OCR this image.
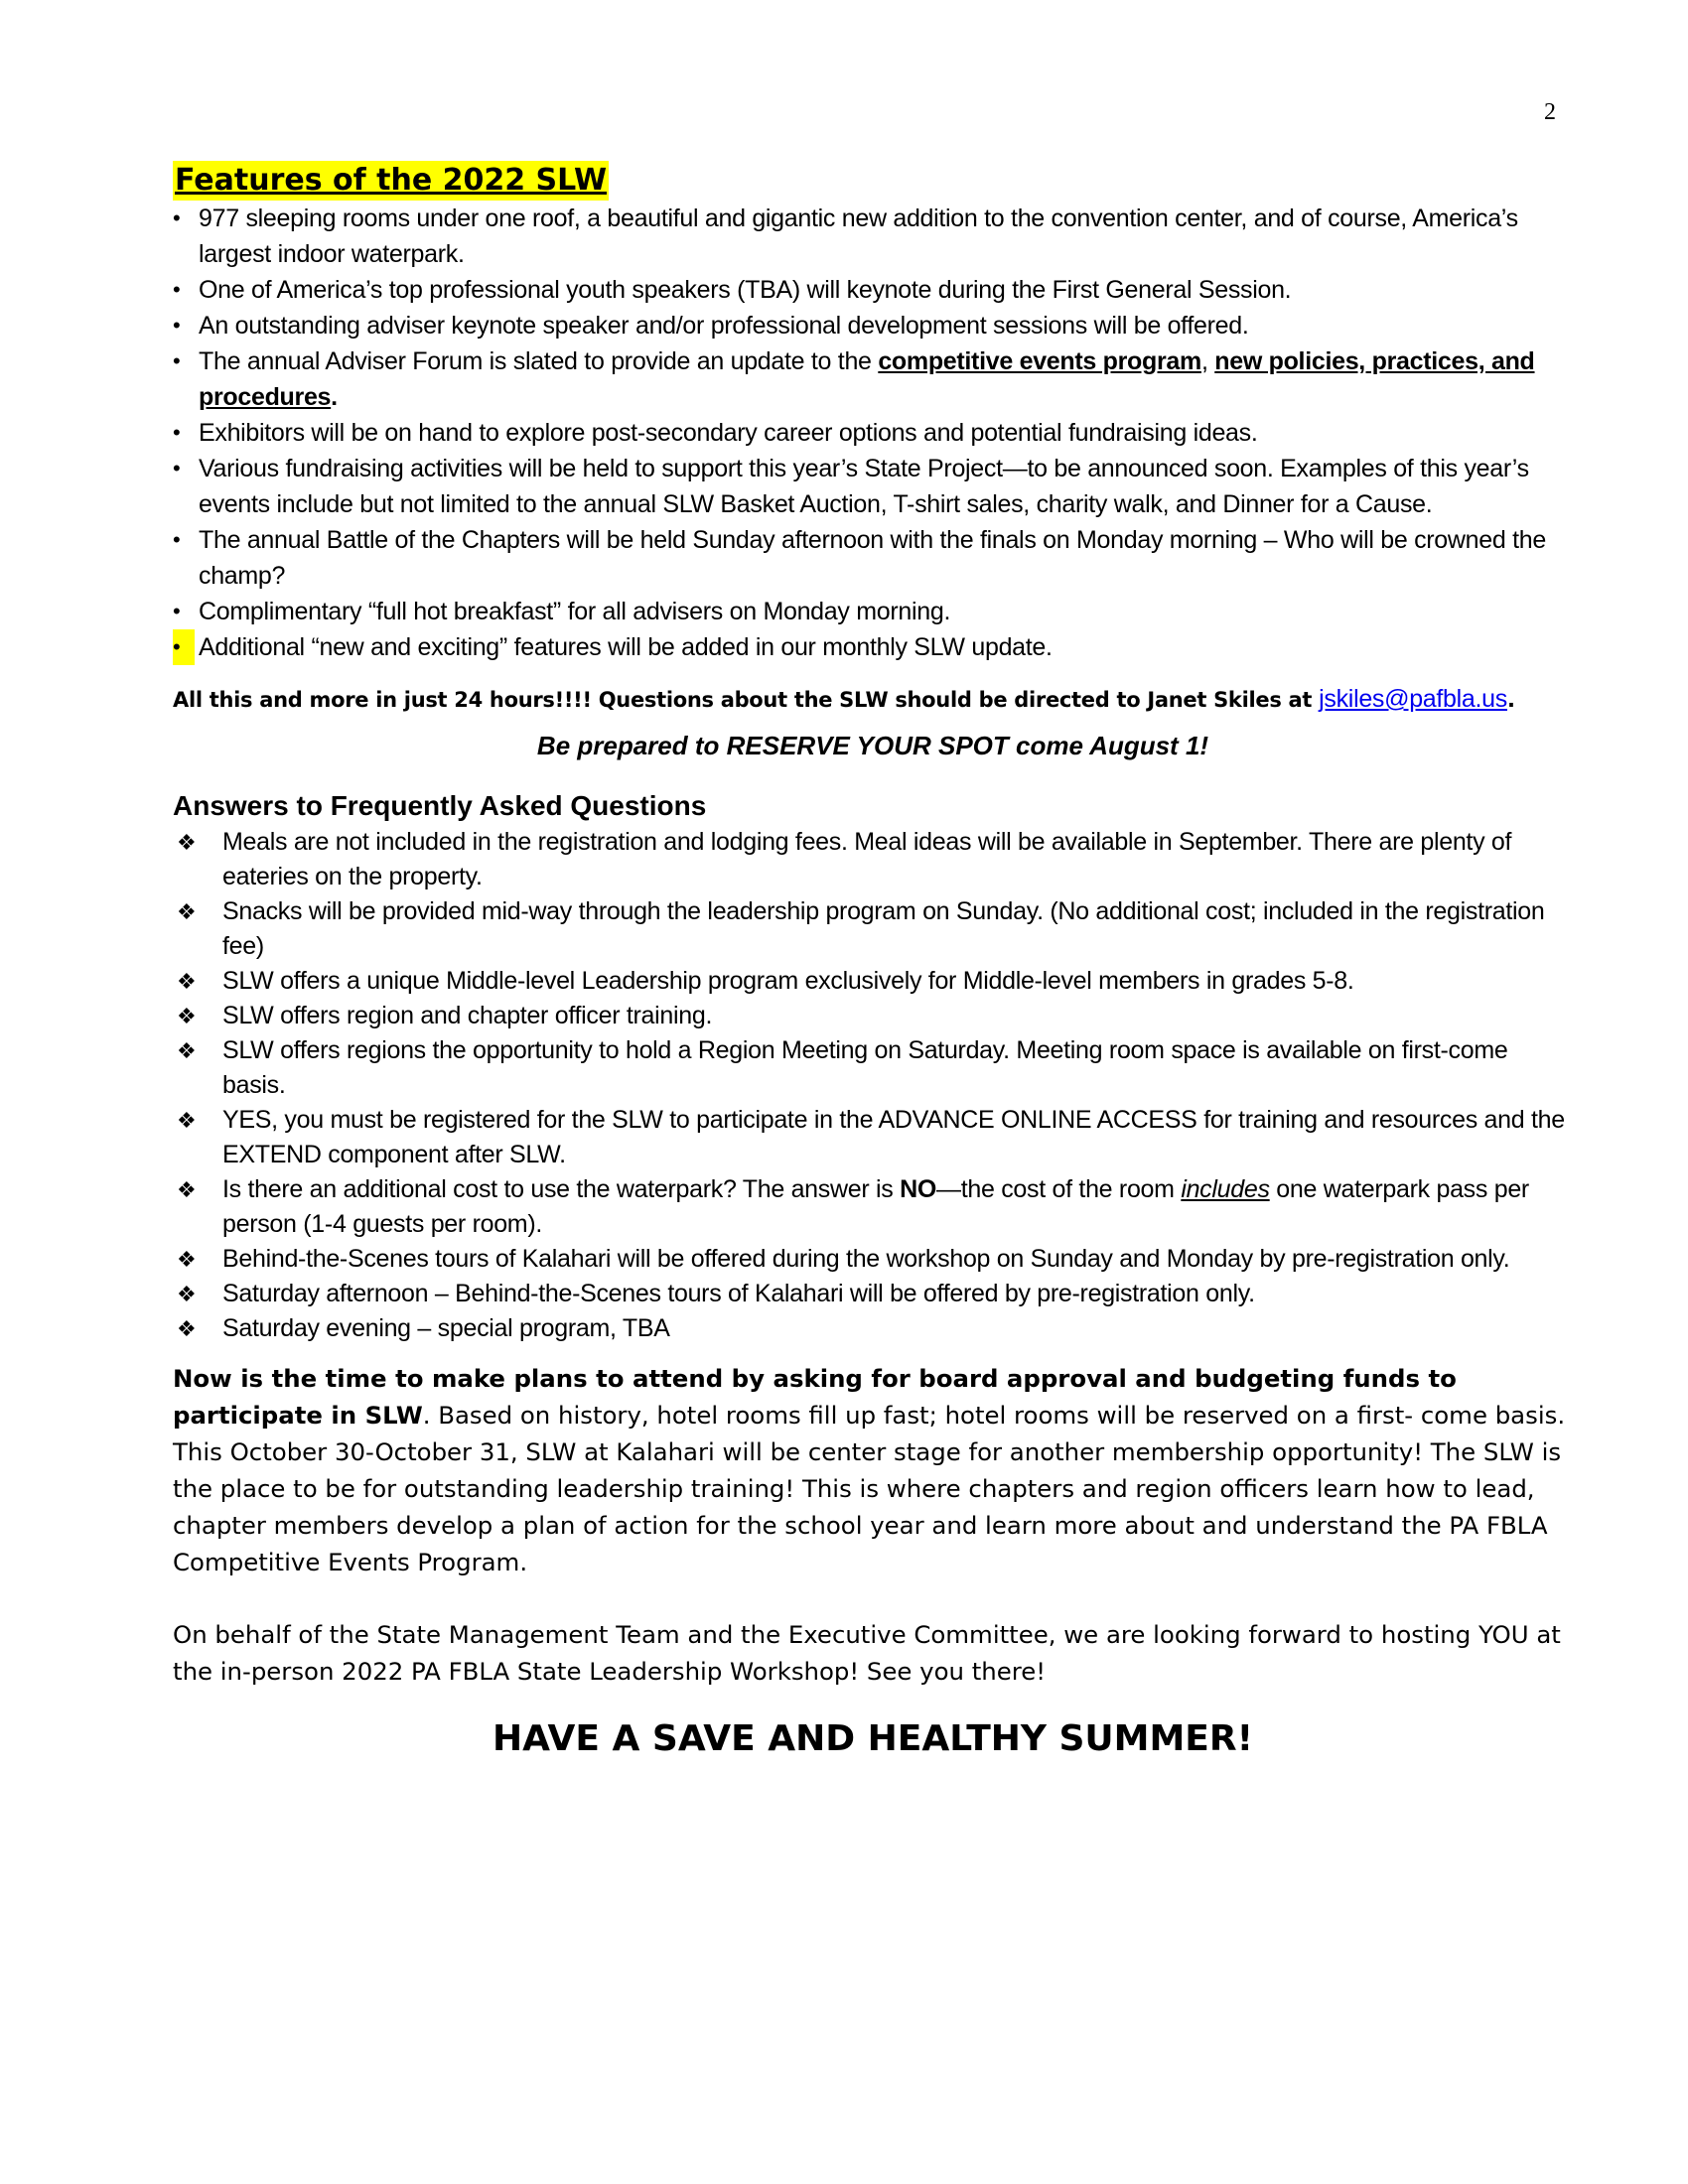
2
Features of the 2022 SLW
• 977 sleeping rooms under one roof, a beautiful and gigantic new addition to the convention center, and of course, America’s largest indoor waterpark.
• One of America’s top professional youth speakers (TBA) will keynote during the First General Session.
• An outstanding adviser keynote speaker and/or professional development sessions will be offered.
• The annual Adviser Forum is slated to provide an update to the competitive events program, new policies, practices, and procedures.
• Exhibitors will be on hand to explore post-secondary career options and potential fundraising ideas.
• Various fundraising activities will be held to support this year’s State Project—to be announced soon. Examples of this year’s events include but not limited to the annual SLW Basket Auction, T-shirt sales, charity walk, and Dinner for a Cause.
• The annual Battle of the Chapters will be held Sunday afternoon with the finals on Monday morning – Who will be crowned the champ?
• Complimentary “full hot breakfast” for all advisers on Monday morning.
• Additional “new and exciting” features will be added in our monthly SLW update.
All this and more in just 24 hours!!!! Questions about the SLW should be directed to Janet Skiles at jskiles@pafbla.us.
Be prepared to RESERVE YOUR SPOT come August 1!
Answers to Frequently Asked Questions
❖ Meals are not included in the registration and lodging fees. Meal ideas will be available in September. There are plenty of eateries on the property.
❖ Snacks will be provided mid-way through the leadership program on Sunday. (No additional cost; included in the registration fee)
❖ SLW offers a unique Middle-level Leadership program exclusively for Middle-level members in grades 5-8.
❖ SLW offers region and chapter officer training.
❖ SLW offers regions the opportunity to hold a Region Meeting on Saturday. Meeting room space is available on first-come basis.
❖ YES, you must be registered for the SLW to participate in the ADVANCE ONLINE ACCESS for training and resources and the EXTEND component after SLW.
❖ Is there an additional cost to use the waterpark? The answer is NO—the cost of the room includes one waterpark pass per person (1-4 guests per room).
❖ Behind-the-Scenes tours of Kalahari will be offered during the workshop on Sunday and Monday by pre-registration only.
❖ Saturday afternoon – Behind-the-Scenes tours of Kalahari will be offered by pre-registration only.
❖ Saturday evening – special program, TBA

Now is the time to make plans to attend by asking for board approval and budgeting funds to participate in SLW. Based on history, hotel rooms fill up fast; hotel rooms will be reserved on a first- come basis. This October 30-October 31, SLW at Kalahari will be center stage for another membership opportunity! The SLW is the place to be for outstanding leadership training! This is where chapters and region officers learn how to lead, chapter members develop a plan of action for the school year and learn more about and understand the PA FBLA Competitive Events Program.

On behalf of the State Management Team and the Executive Committee, we are looking forward to hosting YOU at the in-person 2022 PA FBLA State Leadership Workshop! See you there!

HAVE A SAVE AND HEALTHY SUMMER!
